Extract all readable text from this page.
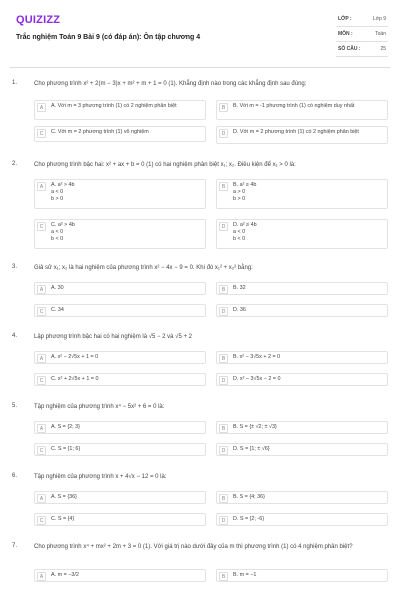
QUIZIZZ
Trắc nghiệm Toán 9 Bài 9 (có đáp án): Ôn tập chương 4
LỚP :	Lớp 9
MÔN :	Toán
SỐ CÂU :	25
1.	Cho phương trình x² + 2(m − 3)x + m² + m + 1 = 0 (1). Khẳng định nào trong các khẳng định sau đúng:
A	A. Với m = 3 phương trình (1) có 2 nghiệm phân biệt	B	B. Với m = -1 phương trình (1) có nghiệm duy nhất
C	C. Với m = 2 phương trình (1) vô nghiệm	D	D. Với m = 2 phương trình (1) có 2 nghiệm phân biệt
2.	Cho phương trình bậc hai: x² + ax + b = 0 (1) có hai nghiệm phân biệt x₁; x₂. Điều kiện để x₁ > 0 là:
A	A. a² > 4b
a < 0
b > 0
B	B. a² ≥ 4b
a > 0
b > 0
C	C. a² > 4b
a < 0
b < 0
D	D. a² ≥ 4b
a < 0
b < 0
3.	Giả sử x₁; x₂ là hai nghiệm của phương trình x² − 4x − 9 = 0. Khi đó x₁² + x₂² bằng:
A	A. 30	B	B. 32
C	C. 34	D	D. 36
4.	Lập phương trình bậc hai có hai nghiệm là √5 − 2 và √5 + 2
A	A. x² − 2√5x + 1 = 0	B	B. x² − 3√5x + 2 = 0
C	C. x² + 2√5x + 1 = 0	D	D. x² − 3√5x − 2 = 0
5.	Tập nghiệm của phương trình x⁴ − 5x² + 6 = 0 là:
A	A. S = {2; 3}	B	B. S = {± √2; ± √3}
C	C. S = {1; 6}	D	D. S = {1; ± √6}
6.	Tập nghiệm của phương trình x + 4√x − 12 = 0 là:
A	A. S = {36}	B	B. S = {4; 36}
C	C. S = {4}	D	D. S = {2; -6}
7.	Cho phương trình x⁴ + mx² + 2m + 3 = 0 (1). Với giá trị nào dưới đây của m thì phương trình (1) có 4 nghiệm phân biệt?
A	A. m = −3/2	B	B. m = −1
